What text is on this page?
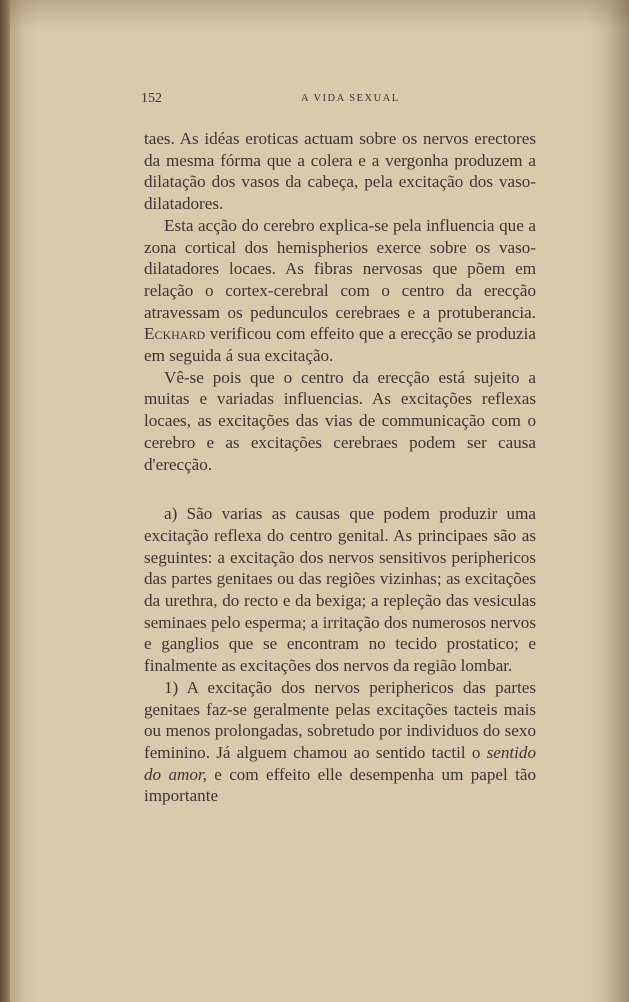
152	A VIDA SEXUAL

taes. As idéas eroticas actuam sobre os nervos erectores da mesma fórma que a colera e a vergonha produzem a dilatação dos vasos da cabeça, pela excitação dos vaso-dilatadores.

Esta acção do cerebro explica-se pela influencia que a zona cortical dos hemispherios exerce sobre os vaso-dilatadores locaes. As fibras nervosas que põem em relação o cortex-cerebral com o centro da erecção atravessam os pedunculos cerebraes e a protuberancia. Eckhard verificou com effeito que a erecção se produzia em seguida á sua excitação.

Vê-se pois que o centro da erecção está sujeito a muitas e variadas influencias. As excitações reflexas locaes, as excitações das vias de communicação com o cerebro e as excitações cerebraes podem ser causa d'erecção.

a) São varias as causas que podem produzir uma excitação reflexa do centro genital. As principaes são as seguintes: a excitação dos nervos sensitivos periphericos das partes genitaes ou das regiões vizinhas; as excitações da urethra, do recto e da bexiga; a repleção das vesiculas seminaes pelo esperma; a irritação dos numerosos nervos e ganglios que se encontram no tecido prostatico; e finalmente as excitações dos nervos da região lombar.

1) A excitação dos nervos periphericos das partes genitaes faz-se geralmente pelas excitações tacteis mais ou menos prolongadas, sobretudo por individuos do sexo feminino. Já alguem chamou ao sentido tactil o sentido do amor, e com effeito elle desempenha um papel tão importante
